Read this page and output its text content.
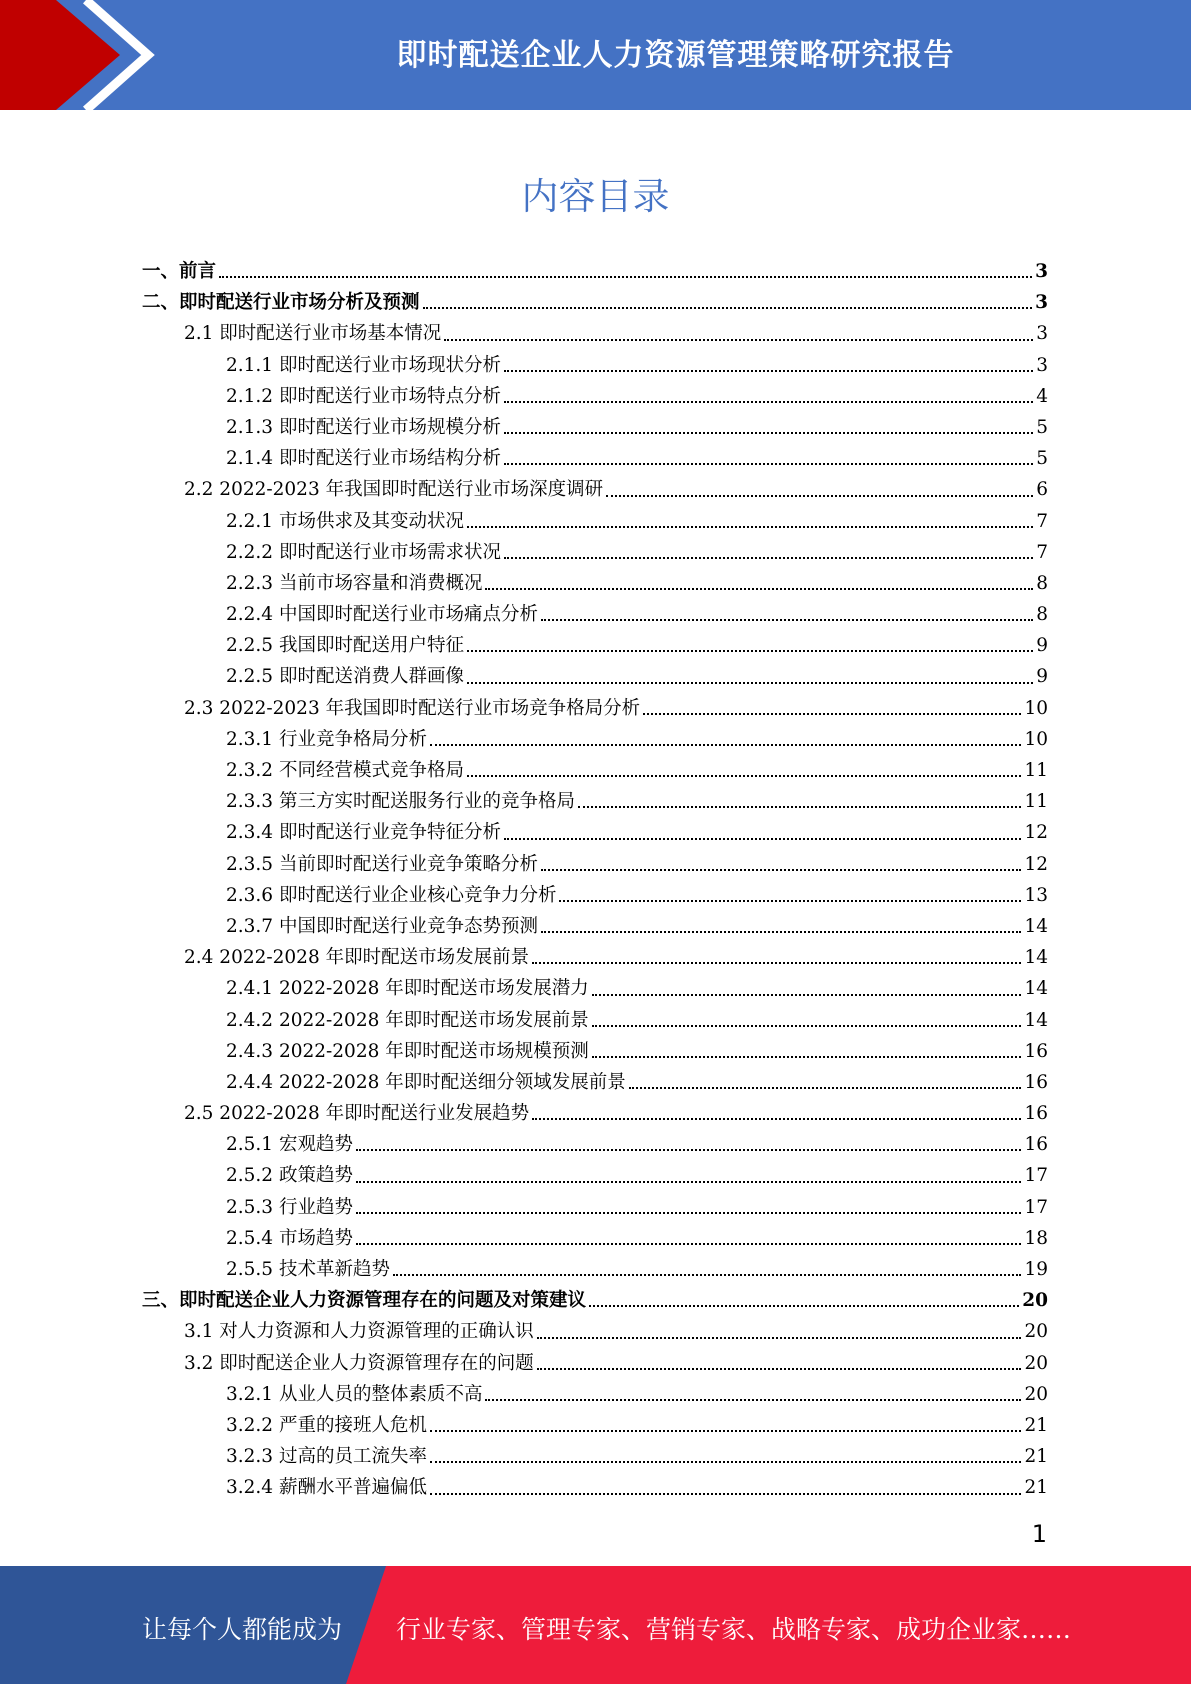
即时配送企业人力资源管理策略研究报告
内容目录
一、前言	3
二、即时配送行业市场分析及预测	3
2.1 即时配送行业市场基本情况	3
2.1.1 即时配送行业市场现状分析	3
2.1.2 即时配送行业市场特点分析	4
2.1.3 即时配送行业市场规模分析	5
2.1.4 即时配送行业市场结构分析	5
2.2 2022-2023 年我国即时配送行业市场深度调研	6
2.2.1 市场供求及其变动状况	7
2.2.2 即时配送行业市场需求状况	7
2.2.3 当前市场容量和消费概况	8
2.2.4 中国即时配送行业市场痛点分析	8
2.2.5 我国即时配送用户特征	9
2.2.5 即时配送消费人群画像	9
2.3 2022-2023 年我国即时配送行业市场竞争格局分析	10
2.3.1 行业竞争格局分析	10
2.3.2 不同经营模式竞争格局	11
2.3.3 第三方实时配送服务行业的竞争格局	11
2.3.4 即时配送行业竞争特征分析	12
2.3.5 当前即时配送行业竞争策略分析	12
2.3.6 即时配送行业企业核心竞争力分析	13
2.3.7 中国即时配送行业竞争态势预测	14
2.4 2022-2028 年即时配送市场发展前景	14
2.4.1 2022-2028 年即时配送市场发展潜力	14
2.4.2 2022-2028 年即时配送市场发展前景	14
2.4.3 2022-2028 年即时配送市场规模预测	16
2.4.4 2022-2028 年即时配送细分领域发展前景	16
2.5 2022-2028 年即时配送行业发展趋势	16
2.5.1 宏观趋势	16
2.5.2 政策趋势	17
2.5.3 行业趋势	17
2.5.4 市场趋势	18
2.5.5 技术革新趋势	19
三、即时配送企业人力资源管理存在的问题及对策建议	20
3.1 对人力资源和人力资源管理的正确认识	20
3.2 即时配送企业人力资源管理存在的问题	20
3.2.1 从业人员的整体素质不高	20
3.2.2 严重的接班人危机	21
3.2.3 过高的员工流失率	21
3.2.4 薪酬水平普遍偏低	21
1
让每个人都能成为 行业专家、管理专家、营销专家、战略专家、成功企业家……
